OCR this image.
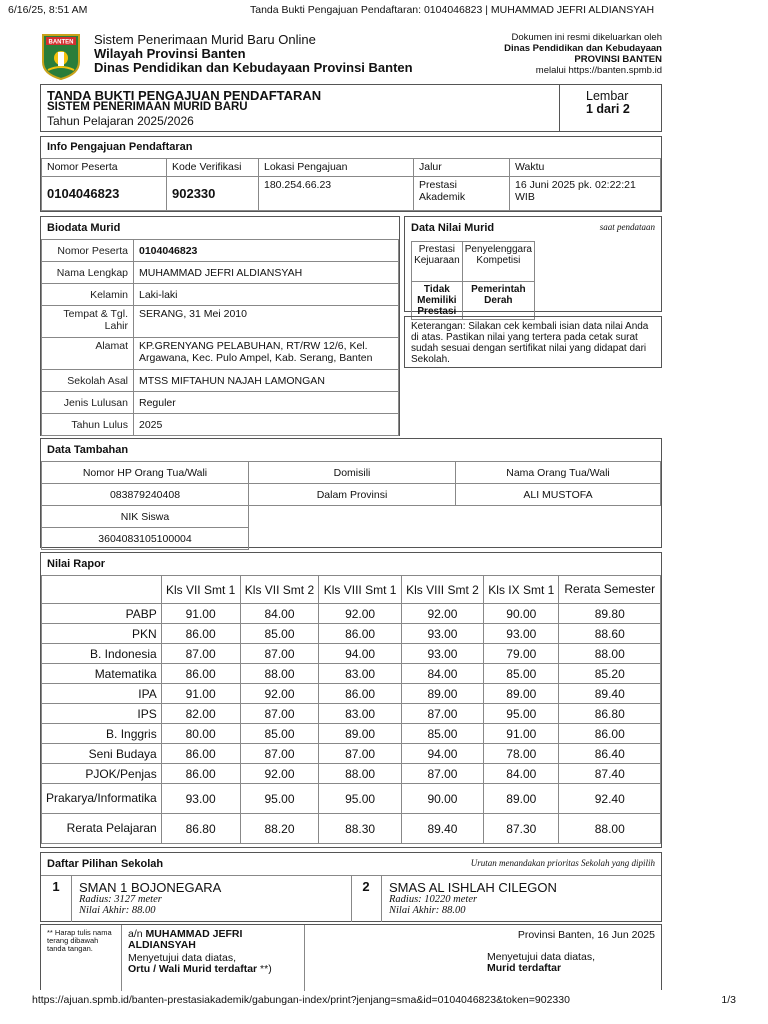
6/16/25, 8:51 AM	Tanda Bukti Pengajuan Pendaftaran: 0104046823 | MUHAMMAD JEFRI ALDIANSYAH
BANTEN Sistem Penerimaan Murid Baru Online
Wilayah Provinsi Banten
Dinas Pendidikan dan Kebudayaan Provinsi Banten
Dokumen ini resmi dikeluarkan oleh
Dinas Pendidikan dan Kebudayaan
PROVINSI BANTEN
melalui https://banten.spmb.id
TANDA BUKTI PENGAJUAN PENDAFTARAN
SISTEM PENERIMAAN MURID BARU
Tahun Pelajaran 2025/2026
Lembar
1 dari 2
Info Pengajuan Pendaftaran
Nomor Peserta	Kode Verifikasi	Lokasi Pengajuan	Jalur	Waktu
0104046823	902330	180.254.66.23	Prestasi Akademik	16 Juni 2025 pk. 02:22:21 WIB
Biodata Murid
Nomor Peserta	0104046823
Nama Lengkap	MUHAMMAD JEFRI ALDIANSYAH
Kelamin	Laki-laki
Tempat & Tgl. Lahir	SERANG, 31 Mei 2010
Alamat	KP.GRENYANG PELABUHAN, RT/RW 12/6, Kel. Argawana, Kec. Pulo Ampel, Kab. Serang, Banten
Sekolah Asal	MTSS MIFTAHUN NAJAH LAMONGAN
Jenis Lulusan	Reguler
Tahun Lulus	2025
Data Nilai Murid	saat pendataan
Prestasi Kejuaraan	Penyelenggara Kompetisi
Tidak Memiliki Prestasi	Pemerintah Derah
Keterangan: Silakan cek kembali isian data nilai Anda di atas. Pastikan nilai yang tertera pada cetak surat sudah sesuai dengan sertifikat nilai yang didapat dari Sekolah.
Data Tambahan
Nomor HP Orang Tua/Wali	Domisili	Nama Orang Tua/Wali
083879240408	Dalam Provinsi	ALI MUSTOFA
NIK Siswa		
3604083105100004		
Nilai Rapor
	Kls VII Smt 1	Kls VII Smt 2	Kls VIII Smt 1	Kls VIII Smt 2	Kls IX Smt 1	Rerata Semester
PABP	91.00	84.00	92.00	92.00	90.00	89.80
PKN	86.00	85.00	86.00	93.00	93.00	88.60
B. Indonesia	87.00	87.00	94.00	93.00	79.00	88.00
Matematika	86.00	88.00	83.00	84.00	85.00	85.20
IPA	91.00	92.00	86.00	89.00	89.00	89.40
IPS	82.00	87.00	83.00	87.00	95.00	86.80
B. Inggris	80.00	85.00	89.00	85.00	91.00	86.00
Seni Budaya	86.00	87.00	87.00	94.00	78.00	86.40
PJOK/Penjas	86.00	92.00	88.00	87.00	84.00	87.40
Prakarya/Informatika	93.00	95.00	95.00	90.00	89.00	92.40
Rerata Pelajaran	86.80	88.20	88.30	89.40	87.30	88.00
Daftar Pilihan Sekolah	Urutan menandakan prioritas Sekolah yang dipilih
1	SMAN 1 BOJONEGARA
Radius: 3127 meter
Nilai Akhir: 88.00
2	SMAS AL ISHLAH CILEGON
Radius: 10220 meter
Nilai Akhir: 88.00
** Harap tulis nama terang dibawah tanda tangan.
a/n MUHAMMAD JEFRI ALDIANSYAH
Menyetujui data diatas,
Ortu / Wali Murid terdaftar **)
Provinsi Banten, 16 Jun 2025
Menyetujui data diatas,
Murid terdaftar
https://ajuan.spmb.id/banten-prestasiakademik/gabungan-index/print?jenjang=sma&id=0104046823&token=902330	1/3
